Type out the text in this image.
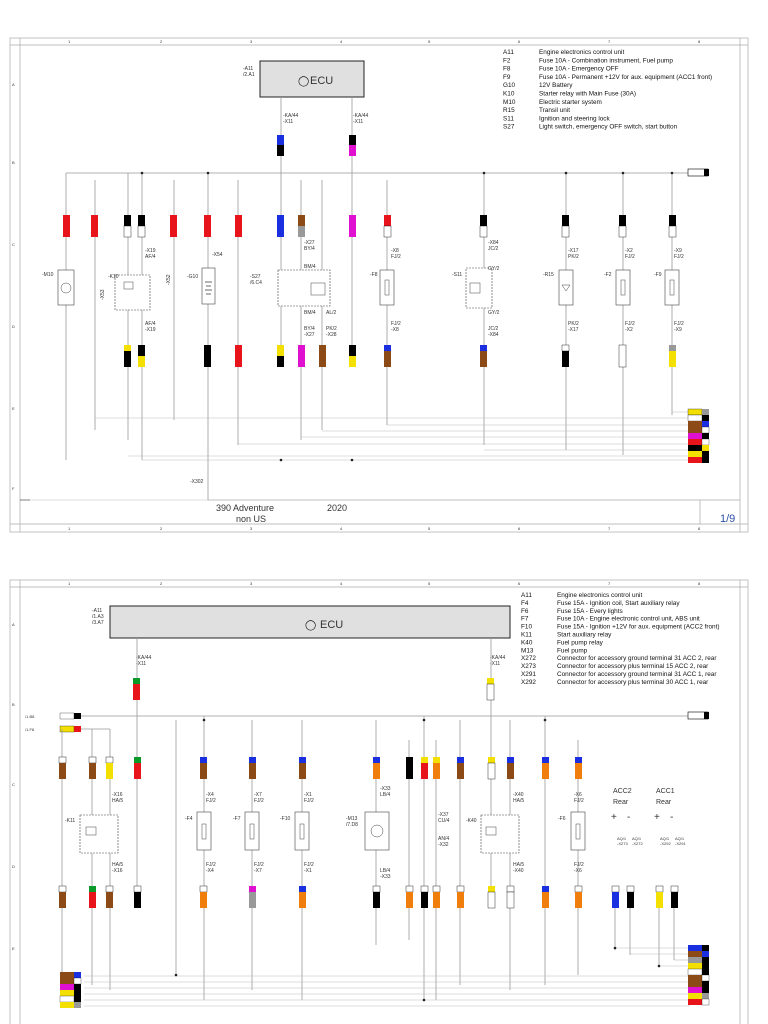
1	2	3	4	5	6	7	8
1	2	3	4	5	6	7	8
A
B
C
D
E
F
ECU
◯
-A11
/2.A1
-KA/44
-X11
-KA/44
-X11
-M10	-K10
-X19
AF/4
AF/4
-X19
-X53
-X52	-G10
-X54
-S27
/6.C4
-X27
BY/4
BM/4
BM/4
BY/4
-X27
PK/2
-X28
AL/2
-F8
-X8
FJ/2
FJ/2
-X8
-S11
-X84
JC/2
GY/2
GY/2
JC/2
-X84
-R15
-X17
PK/2
PK/2
-X17
-F2
-X2
FJ/2
FJ/2
-X2
-F9
-X9
FJ/2
FJ/2
-X9
-X302
A11	Engine electronics control unit
F2	Fuse 10A - Combination instrument, Fuel pump
F8	Fuse 10A - Emergency OFF
F9	Fuse 10A - Permanent +12V for aux. equipment (ACC1 front)
G10	12V Battery
K10	Starter relay with Main Fuse (30A)
M10	Electric starter system
R15	Transil unit
S11	Ignition and steering lock
S27	Light switch, emergency OFF switch, start button
390 Adventure
non US
2020
1/9
1	2	3	4	5	6	7	8
A
B
C
D
E
ECU
◯
-A11
/1.A3
/3.A7
-KA/44
-X11
-KA/44
-X11
/1.B8
/1.F8
-K11
-X16
HA/5
HA/5
-X16
-F4
-X4
FJ/2
FJ/2
-X4
-F7
-X7
FJ/2
FJ/2
-X7
-F10
-X1
FJ/2
FJ/2
-X1
-M13
/7.D8
-X33
LB/4
LB/4
-X33
-X37
CU/4
AN/4
-X32
-K40
-X40
HA/5
HA/5
-X40
-F6
-X6
FJ/2
FJ/2
-X6
ACC2
Rear
ACC1
Rear
+ - + -
AQ/1
-X273
AQ/1
-X272
AQ/1
-X292
AQ/1
-X291
A11	Engine electronics control unit
F4	Fuse 15A - Ignition coil, Start auxiliary relay
F6	Fuse 15A - Every lights
F7	Fuse 10A - Engine electronic control unit, ABS unit
F10	Fuse 15A - Ignition +12V for aux. equipment (ACC2 front)
K11	Start auxiliary relay
K40	Fuel pump relay
M13	Fuel pump
X272	Connector for accessory ground terminal 31 ACC 2, rear
X273	Connector for accessory plus terminal 15 ACC 2, rear
X291	Connector for accessory ground terminal 31 ACC 1, rear
X292	Connector for accessory plus terminal 30 ACC 1, rear
